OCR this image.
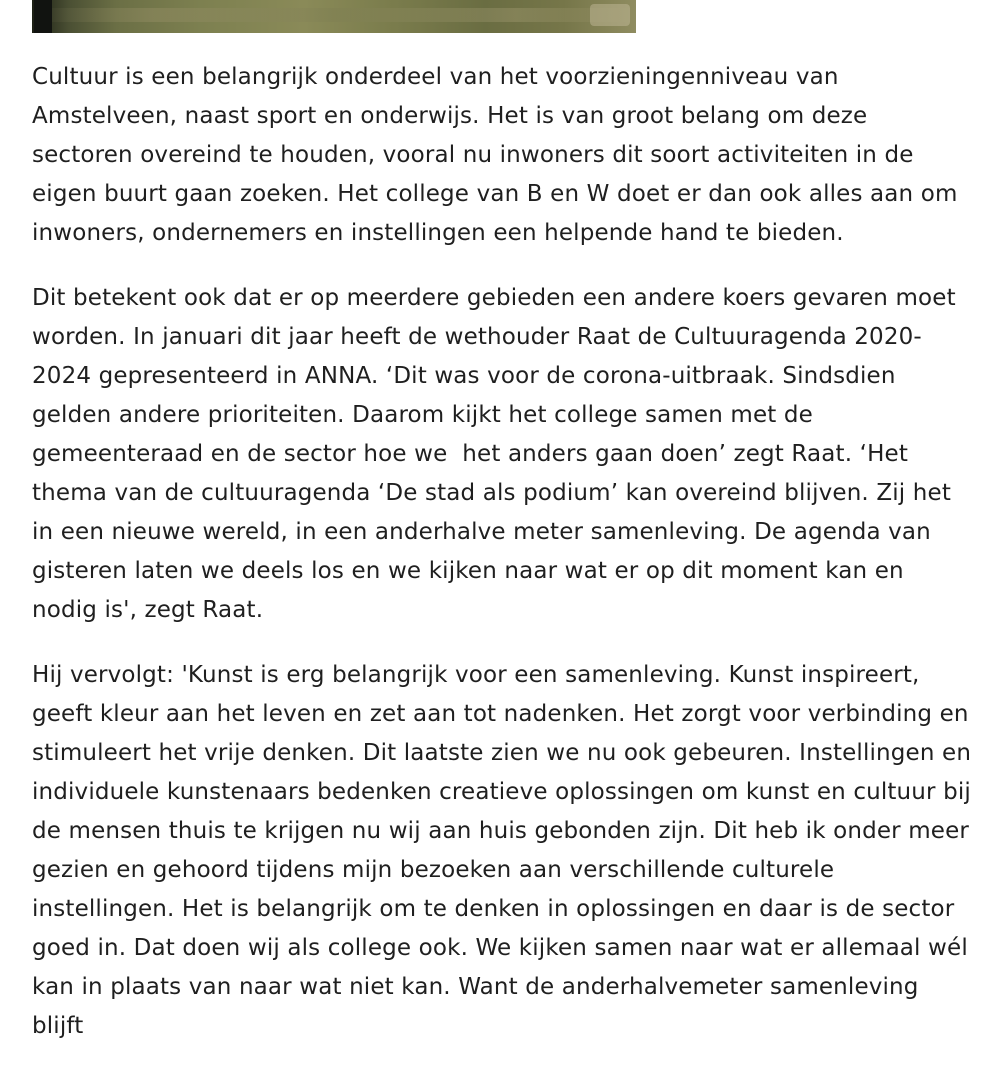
Cultuur is een belangrijk onderdeel van het voorzieningenniveau van Amstelveen, naast sport en onderwijs. Het is van groot belang om deze sectoren overeind te houden, vooral nu inwoners dit soort activiteiten in de eigen buurt gaan zoeken. Het college van B en W doet er dan ook alles aan om inwoners, ondernemers en instellingen een helpende hand te bieden.

Dit betekent ook dat er op meerdere gebieden een andere koers gevaren moet worden. In januari dit jaar heeft de wethouder Raat de Cultuuragenda 2020-2024 gepresenteerd in ANNA. ‘Dit was voor de corona-uitbraak. Sindsdien gelden andere prioriteiten. Daarom kijkt het college samen met de gemeenteraad en de sector hoe we  het anders gaan doen’ zegt Raat. ‘Het thema van de cultuuragenda ‘De stad als podium’ kan overeind blijven. Zij het in een nieuwe wereld, in een anderhalve meter samenleving. De agenda van gisteren laten we deels los en we kijken naar wat er op dit moment kan en nodig is', zegt Raat.

Hij vervolgt: 'Kunst is erg belangrijk voor een samenleving. Kunst inspireert, geeft kleur aan het leven en zet aan tot nadenken. Het zorgt voor verbinding en stimuleert het vrije denken. Dit laatste zien we nu ook gebeuren. Instellingen en individuele kunstenaars bedenken creatieve oplossingen om kunst en cultuur bij de mensen thuis te krijgen nu wij aan huis gebonden zijn. Dit heb ik onder meer gezien en gehoord tijdens mijn bezoeken aan verschillende culturele instellingen. Het is belangrijk om te denken in oplossingen en daar is de sector goed in. Dat doen wij als college ook. We kijken samen naar wat er allemaal wél kan in plaats van naar wat niet kan. Want de anderhalvemeter samenleving blijft
